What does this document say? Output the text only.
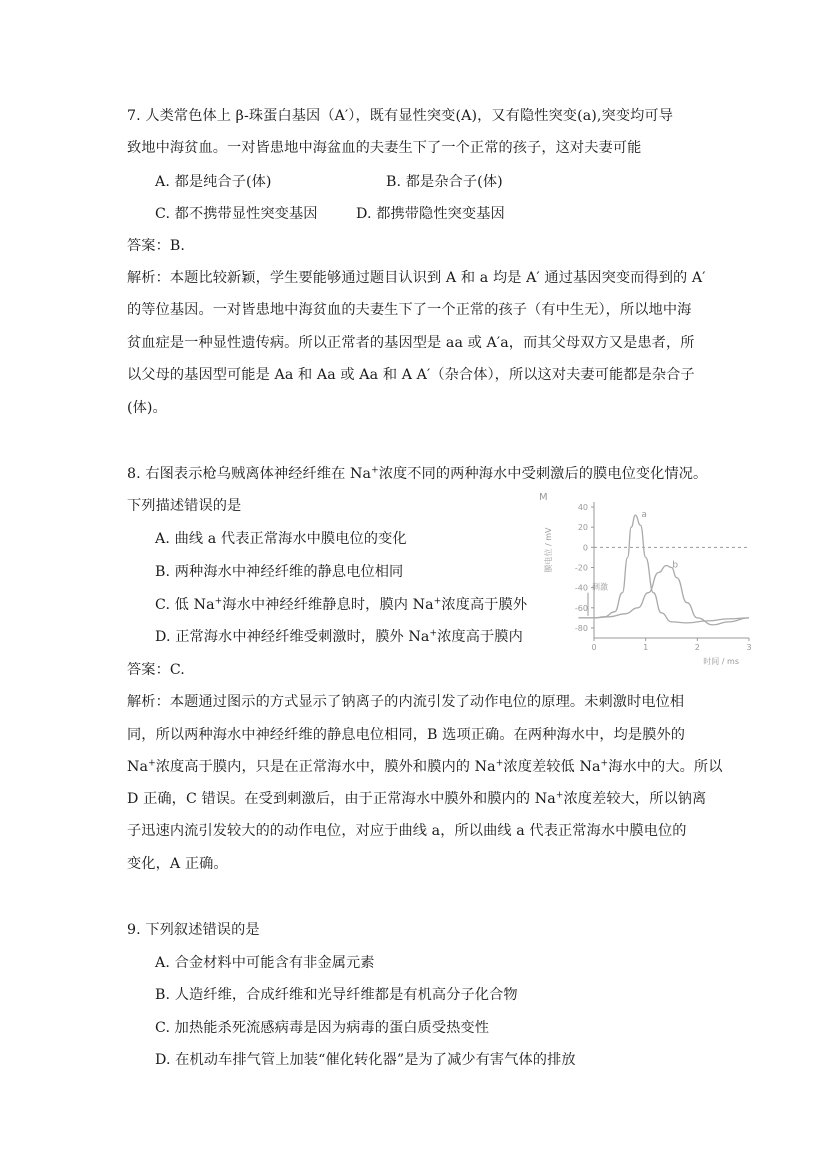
7. 人类常色体上 β-珠蛋白基因（A′），既有显性突变(A)，又有隐性突变(a),突变均可导
致地中海贫血。一对皆患地中海盆血的夫妻生下了一个正常的孩子，这对夫妻可能
A. 都是纯合子(体)	B. 都是杂合子(体)
C. 都不携带显性突变基因	D. 都携带隐性突变基因
答案：B.
解析：本题比较新颖，学生要能够通过题目认识到 A 和 a 均是 A′ 通过基因突变而得到的 A′
的等位基因。一对皆患地中海贫血的夫妻生下了一个正常的孩子（有中生无），所以地中海
贫血症是一种显性遗传病。所以正常者的基因型是 aa 或 A′a，而其父母双方又是患者，所
以父母的基因型可能是 Aa 和 Aa 或 Aa 和 A A′（杂合体），所以这对夫妻可能都是杂合子
(体)。
8. 右图表示枪乌贼离体神经纤维在 Na+浓度不同的两种海水中受刺激后的膜电位变化情况。
下列描述错误的是
A. 曲线 a 代表正常海水中膜电位的变化
B. 两种海水中神经纤维的静息电位相同
C. 低 Na+海水中神经纤维静息时，膜内 Na+浓度高于膜外
D. 正常海水中神经纤维受刺激时，膜外 Na+浓度高于膜内
答案：C.
解析：本题通过图示的方式显示了钠离子的内流引发了动作电位的原理。未刺激时电位相
同，所以两种海水中神经纤维的静息电位相同，B 选项正确。在两种海水中，均是膜外的
Na+浓度高于膜内，只是在正常海水中，膜外和膜内的 Na+浓度差较低 Na+海水中的大。所以
D 正确，C 错误。在受到刺激后，由于正常海水中膜外和膜内的 Na+浓度差较大，所以钠离
子迅速内流引发较大的的动作电位，对应于曲线 a，所以曲线 a 代表正常海水中膜电位的
变化，A 正确。
M
40
20
0
-20
-40
-60
-80
0	1	2	3
膜电位 / mV
时间 / ms
刺激
a
b
9. 下列叙述错误的是
A. 合金材料中可能含有非金属元素
B. 人造纤维，合成纤维和光导纤维都是有机高分子化合物
C. 加热能杀死流感病毒是因为病毒的蛋白质受热变性
D. 在机动车排气管上加装“催化转化器”是为了减少有害气体的排放
